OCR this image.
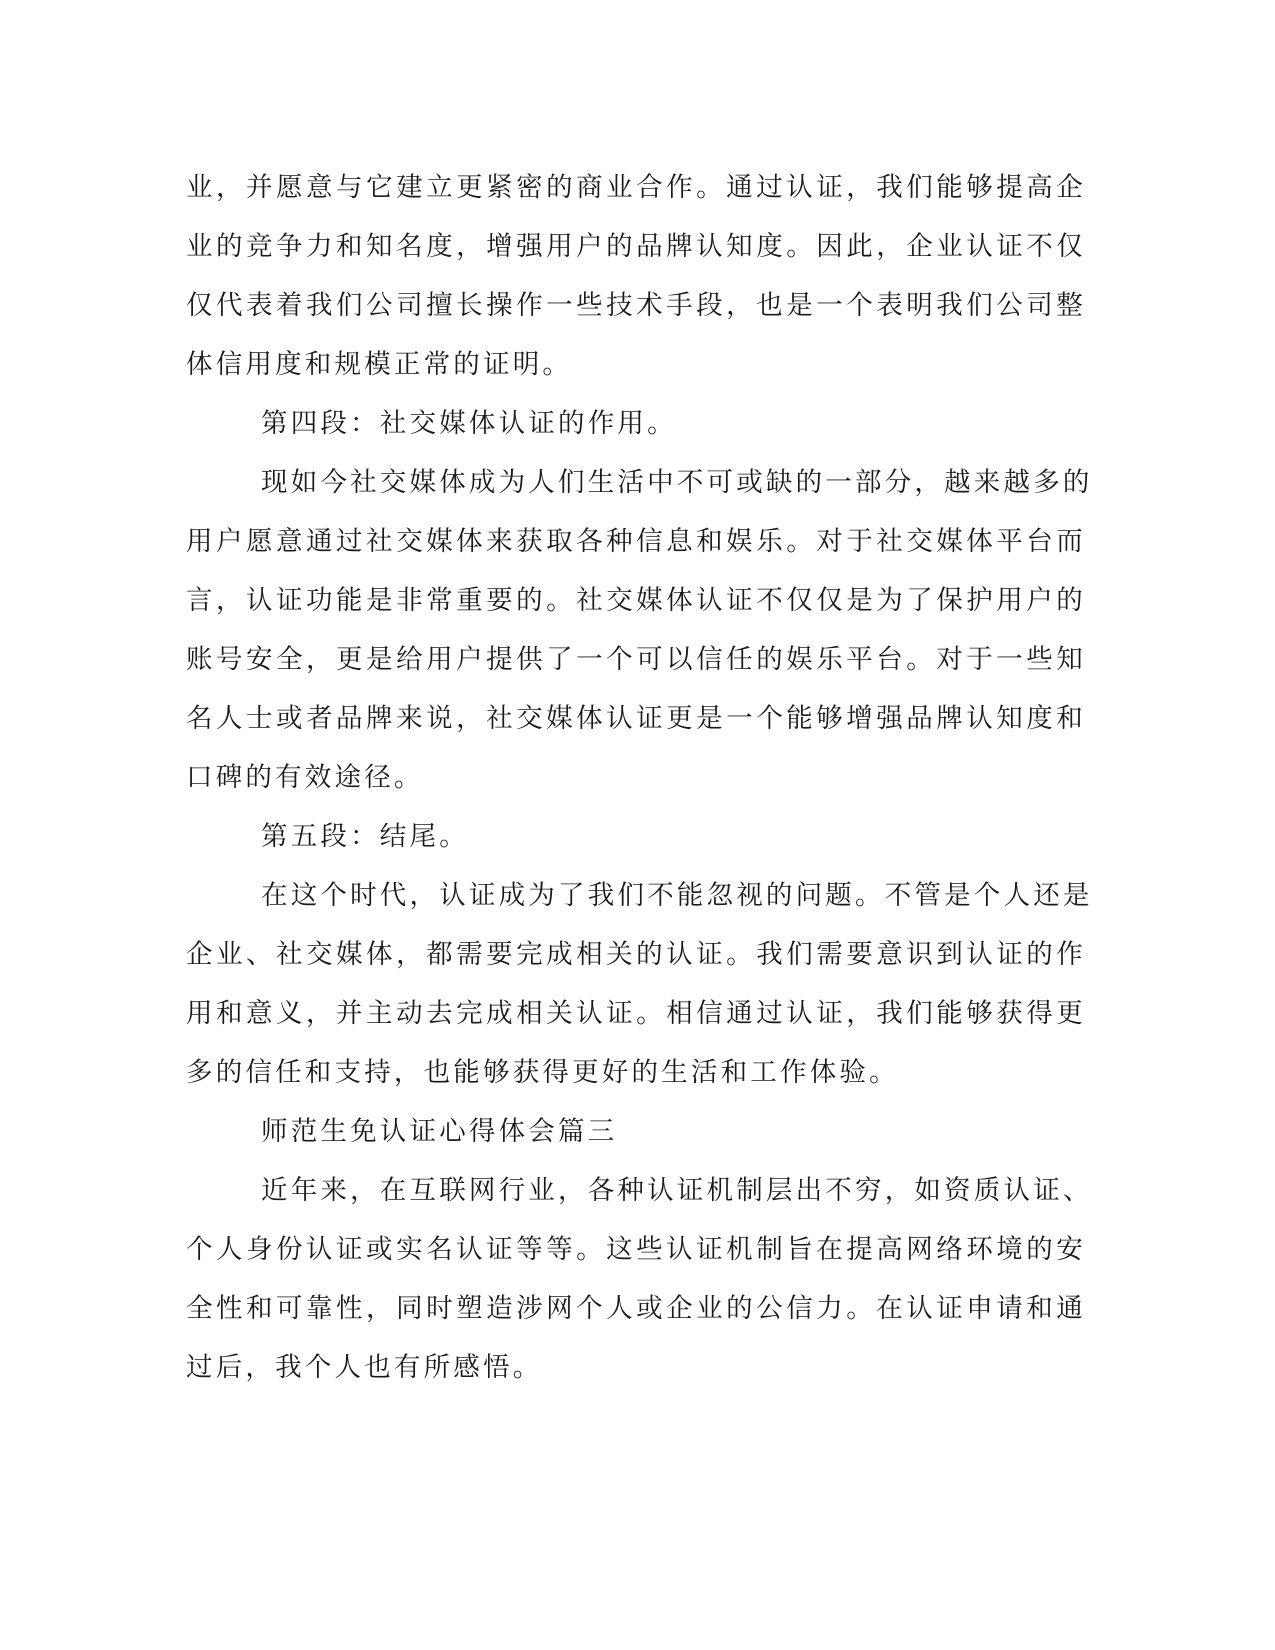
业，并愿意与它建立更紧密的商业合作。通过认证，我们能够提高企
业的竞争力和知名度，增强用户的品牌认知度。因此，企业认证不仅
仅代表着我们公司擅长操作一些技术手段，也是一个表明我们公司整
体信用度和规模正常的证明。
第四段：社交媒体认证的作用。
现如今社交媒体成为人们生活中不可或缺的一部分，越来越多的
用户愿意通过社交媒体来获取各种信息和娱乐。对于社交媒体平台而
言，认证功能是非常重要的。社交媒体认证不仅仅是为了保护用户的
账号安全，更是给用户提供了一个可以信任的娱乐平台。对于一些知
名人士或者品牌来说，社交媒体认证更是一个能够增强品牌认知度和
口碑的有效途径。
第五段：结尾。
在这个时代，认证成为了我们不能忽视的问题。不管是个人还是
企业、社交媒体，都需要完成相关的认证。我们需要意识到认证的作
用和意义，并主动去完成相关认证。相信通过认证，我们能够获得更
多的信任和支持，也能够获得更好的生活和工作体验。
师范生免认证心得体会篇三
近年来，在互联网行业，各种认证机制层出不穷，如资质认证、
个人身份认证或实名认证等等。这些认证机制旨在提高网络环境的安
全性和可靠性，同时塑造涉网个人或企业的公信力。在认证申请和通
过后，我个人也有所感悟。
